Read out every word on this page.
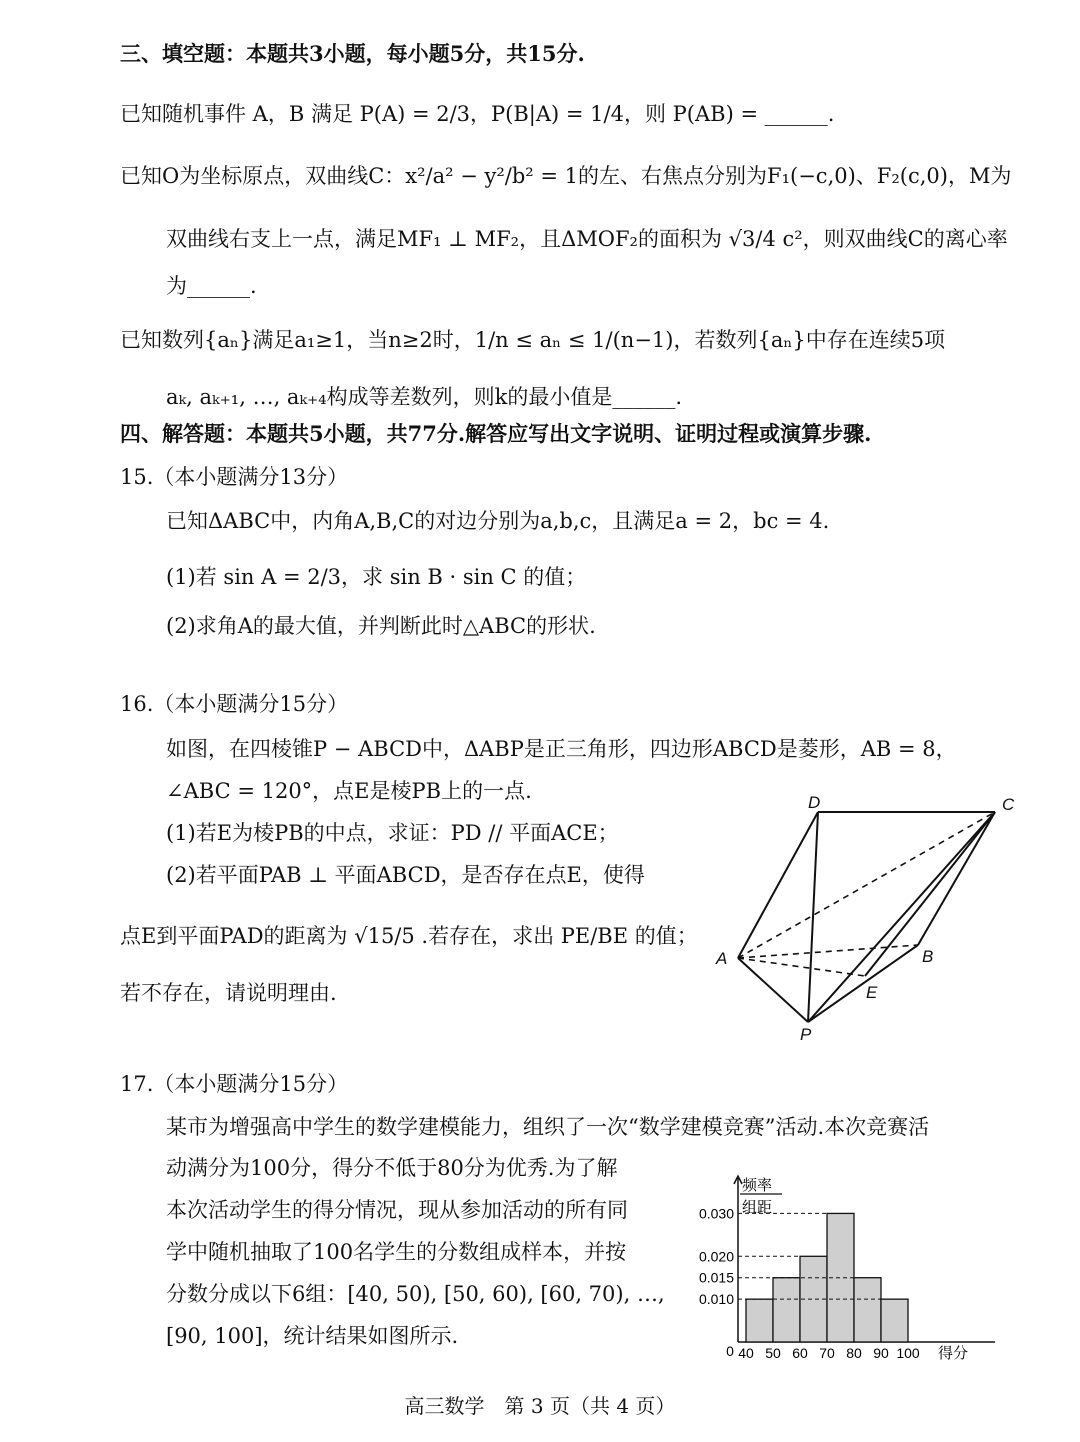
三、填空题：本题共3小题，每小题5分，共15分.
已知随机事件 A，B 满足 P(A) = 2/3，P(B|A) = 1/4，则 P(AB) = ______.
已知O为坐标原点，双曲线C：x²/a² − y²/b² = 1的左、右焦点分别为F₁(−c,0)、F₂(c,0)，M为
双曲线右支上一点，满足MF₁ ⊥ MF₂，且ΔMOF₂的面积为 √3/4 c²，则双曲线C的离心率
为______.
已知数列{aₙ}满足a₁≥1，当n≥2时，1/n ≤ aₙ ≤ 1/(n−1)，若数列{aₙ}中存在连续5项
aₖ, aₖ₊₁, …, aₖ₊₄构成等差数列，则k的最小值是______.
四、解答题：本题共5小题，共77分.解答应写出文字说明、证明过程或演算步骤.
15.（本小题满分13分）
已知ΔABC中，内角A,B,C的对边分别为a,b,c，且满足a = 2，bc = 4.
(1)若 sin A = 2/3，求 sin B · sin C 的值；
(2)求角A的最大值，并判断此时△ABC的形状.
16.（本小题满分15分）
如图，在四棱锥P − ABCD中，ΔABP是正三角形，四边形ABCD是菱形，AB = 8，
∠ABC = 120°，点E是棱PB上的一点.
(1)若E为棱PB的中点，求证：PD // 平面ACE；
(2)若平面PAB ⊥ 平面ABCD，是否存在点E，使得
点E到平面PAD的距离为 √15/5 .若存在，求出 PE/BE 的值；
若不存在，请说明理由.
D	C
A	B
E
P
17.（本小题满分15分）
某市为增强高中学生的数学建模能力，组织了一次“数学建模竞赛”活动.本次竞赛活
动满分为100分，得分不低于80分为优秀.为了解
本次活动学生的得分情况，现从参加活动的所有同
学中随机抽取了100名学生的分数组成样本，并按
分数分成以下6组：[40, 50), [50, 60), [60, 70), …,
[90, 100]，统计结果如图所示.
0.030
0.020
0.015
0.010
40 50 60 70 80 90 100
0	得分
频率
组距
高三数学　第 3 页（共 4 页）
